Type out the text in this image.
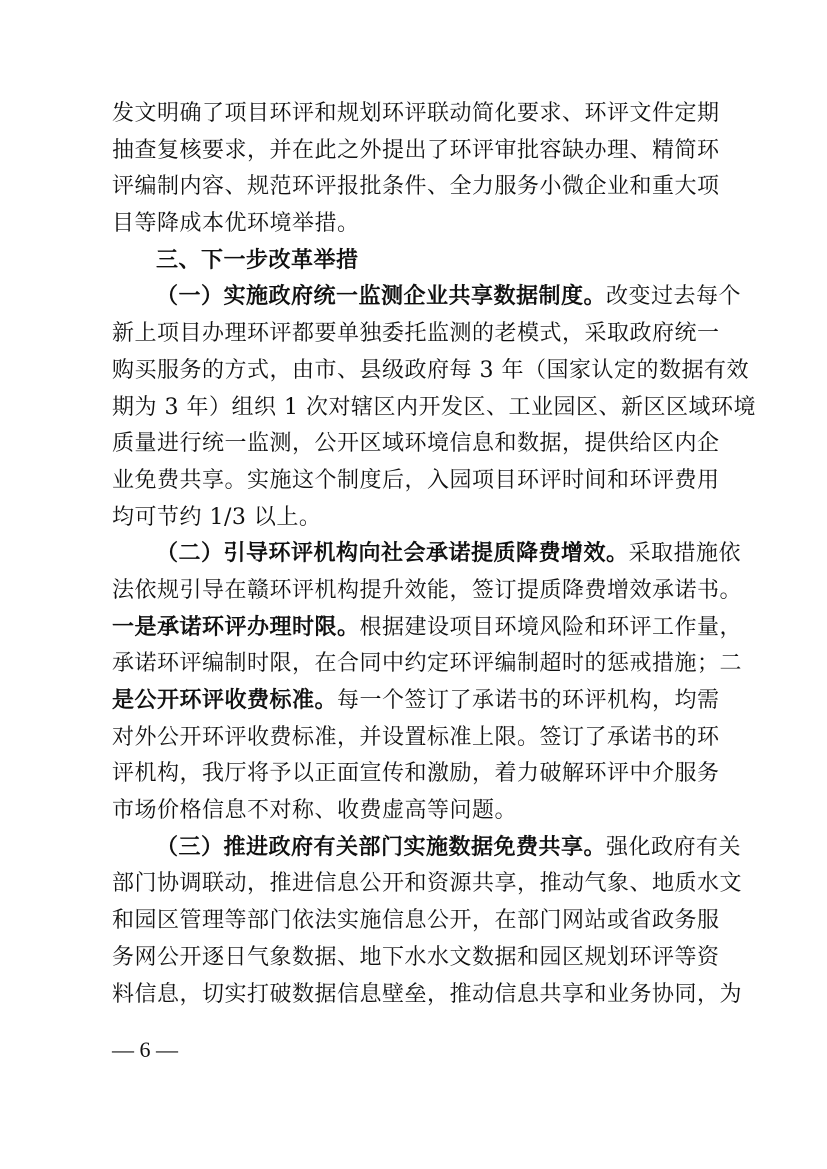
发文明确了项目环评和规划环评联动简化要求、环评文件定期
抽查复核要求，并在此之外提出了环评审批容缺办理、精简环
评编制内容、规范环评报批条件、全力服务小微企业和重大项
目等降成本优环境举措。
三、下一步改革举措
（一）实施政府统一监测企业共享数据制度。改变过去每个
新上项目办理环评都要单独委托监测的老模式，采取政府统一
购买服务的方式，由市、县级政府每 3 年（国家认定的数据有效
期为 3 年）组织 1 次对辖区内开发区、工业园区、新区区域环境
质量进行统一监测，公开区域环境信息和数据，提供给区内企
业免费共享。实施这个制度后，入园项目环评时间和环评费用
均可节约 1/3 以上。
（二）引导环评机构向社会承诺提质降费增效。采取措施依
法依规引导在赣环评机构提升效能，签订提质降费增效承诺书。
一是承诺环评办理时限。根据建设项目环境风险和环评工作量，
承诺环评编制时限，在合同中约定环评编制超时的惩戒措施；二
是公开环评收费标准。每一个签订了承诺书的环评机构，均需
对外公开环评收费标准，并设置标准上限。签订了承诺书的环
评机构，我厅将予以正面宣传和激励，着力破解环评中介服务
市场价格信息不对称、收费虚高等问题。
（三）推进政府有关部门实施数据免费共享。强化政府有关
部门协调联动，推进信息公开和资源共享，推动气象、地质水文
和园区管理等部门依法实施信息公开，在部门网站或省政务服
务网公开逐日气象数据、地下水水文数据和园区规划环评等资
料信息，切实打破数据信息壁垒，推动信息共享和业务协同，为
— 6 —
